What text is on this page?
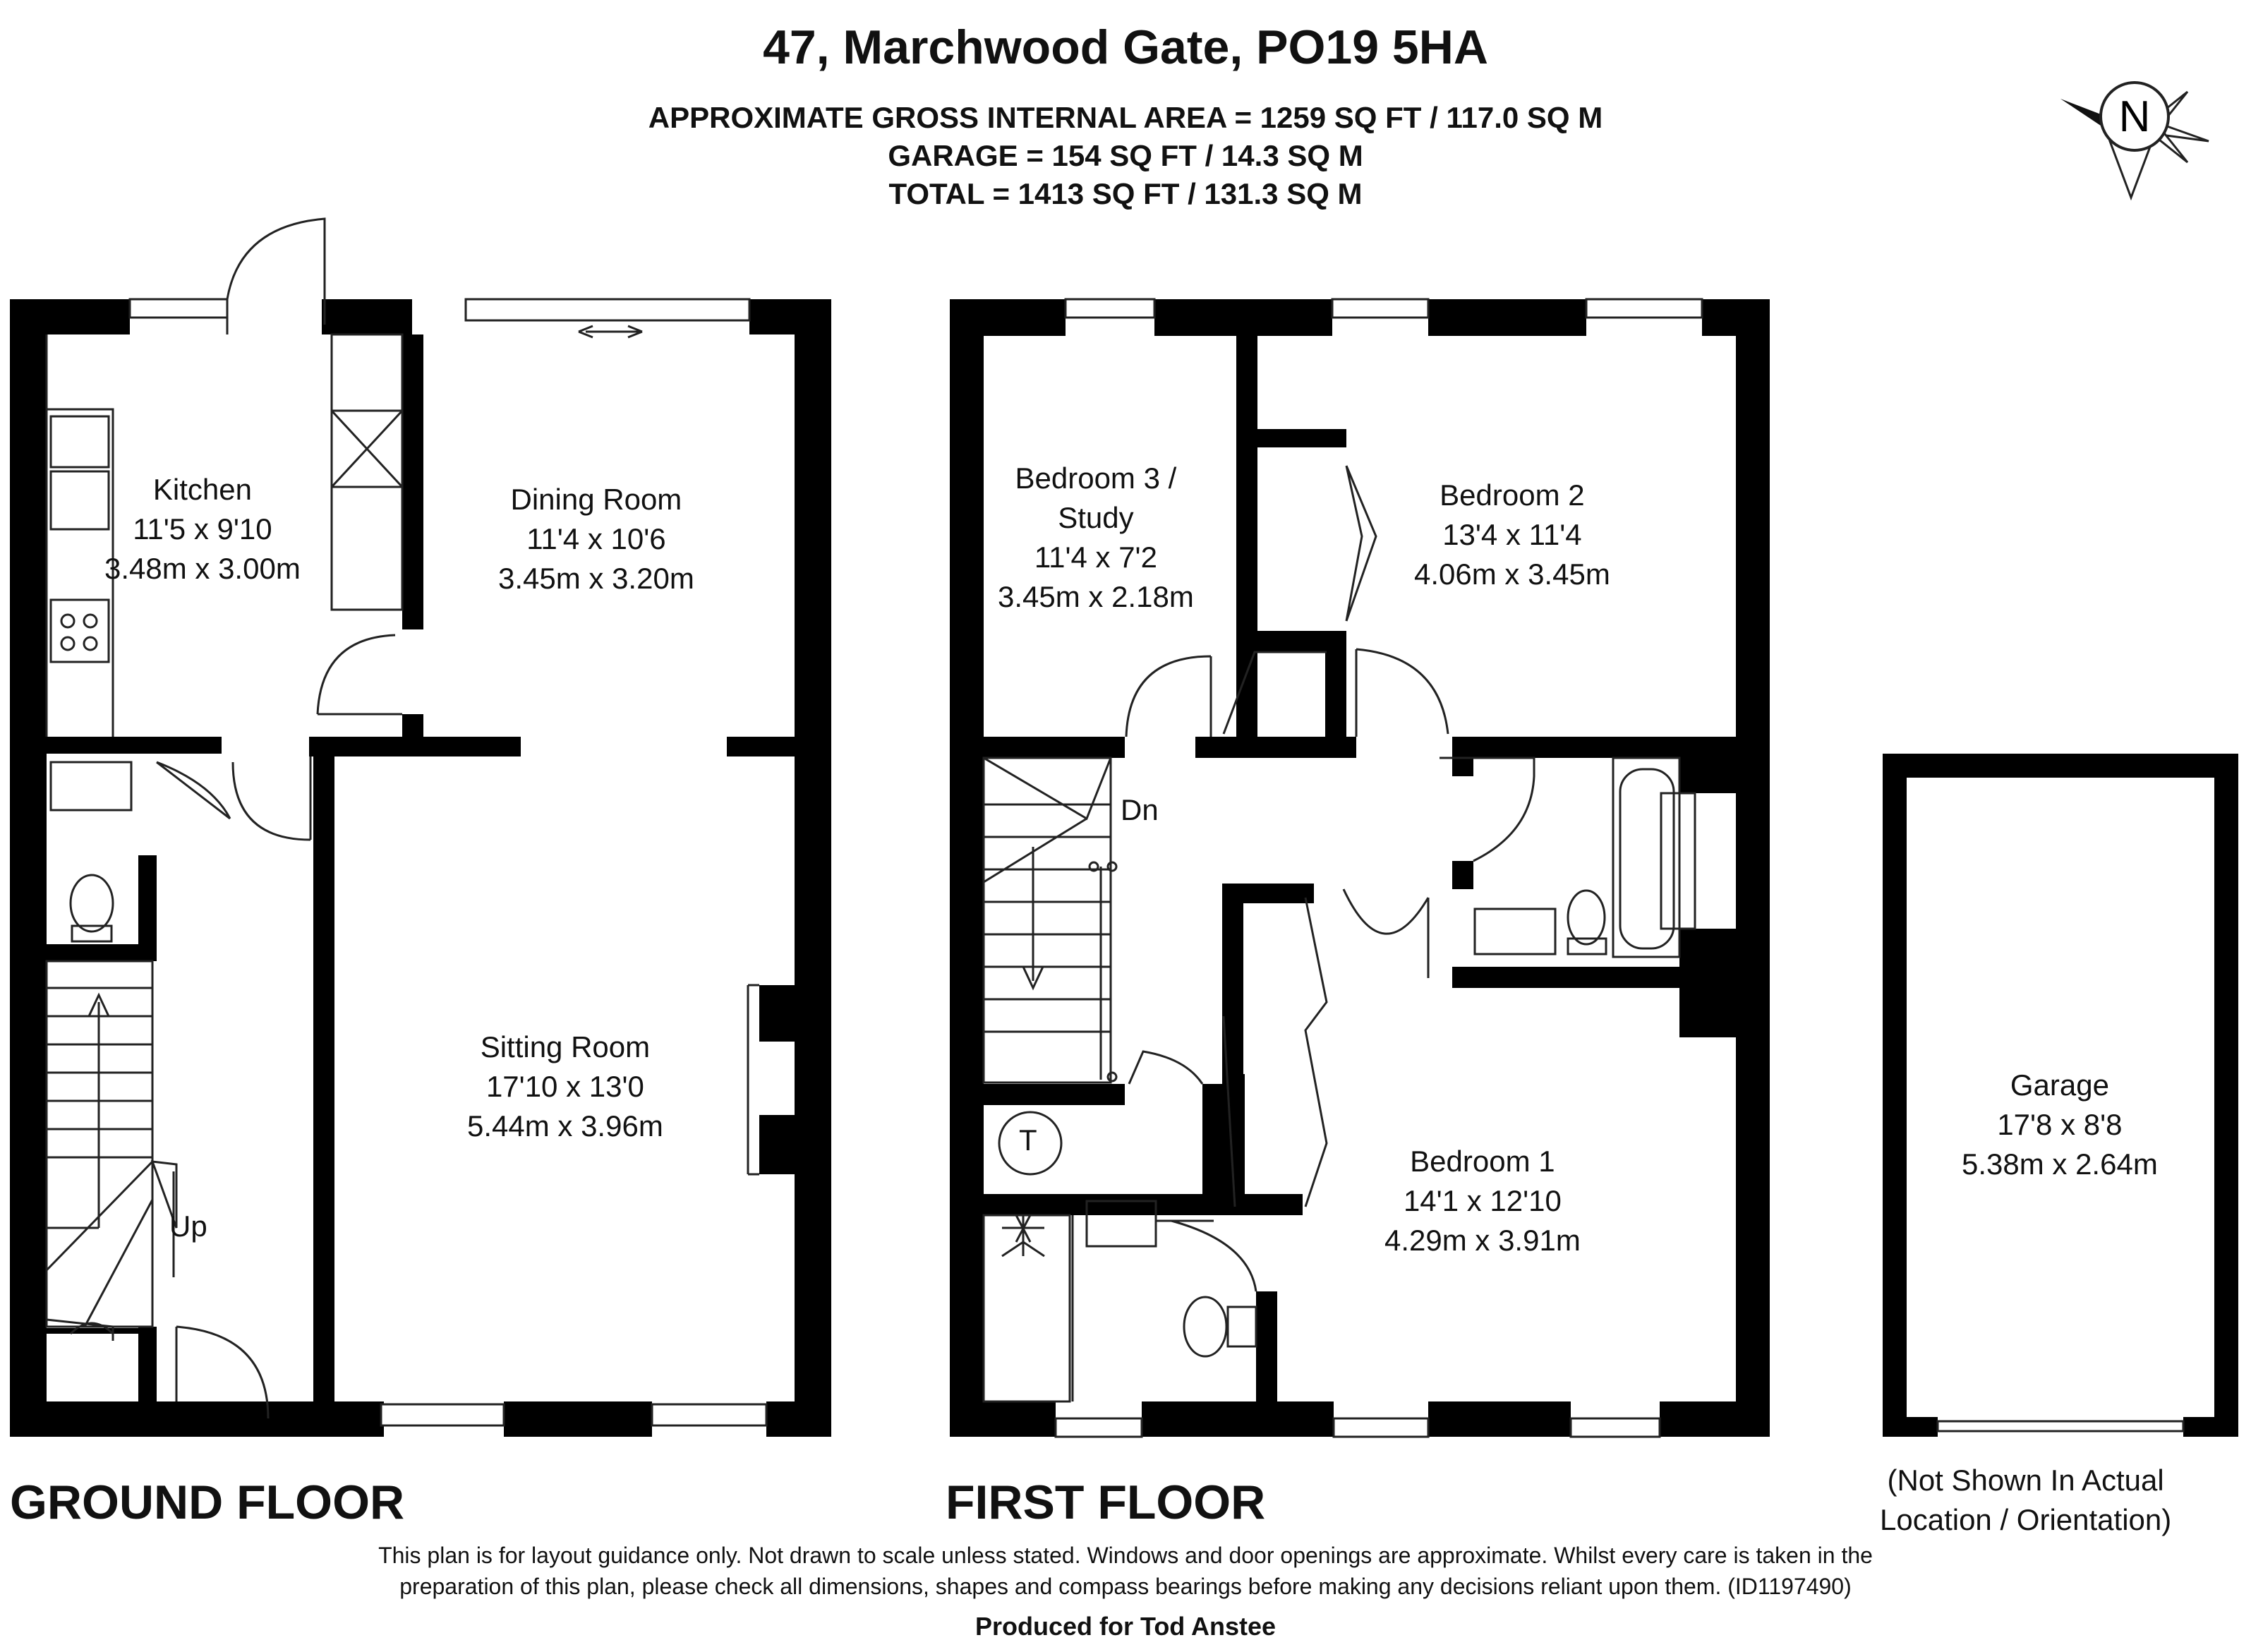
47, Marchwood Gate, PO19 5HA
APPROXIMATE GROSS INTERNAL AREA = 1259 SQ FT / 117.0 SQ M
GARAGE = 154 SQ FT / 14.3 SQ M
TOTAL = 1413 SQ FT / 131.3 SQ M
N
Kitchen
11'5 x 9'10
3.48m x 3.00m
Dining Room
11'4 x 10'6
3.45m x 3.20m
Sitting Room
17'10 x 13'0
5.44m x 3.96m
Up
GROUND FLOOR
Bedroom 3 /
Study
11'4 x 7'2
3.45m x 2.18m
Bedroom 2
13'4 x 11'4
4.06m x 3.45m
Bedroom 1
14'1 x 12'10
4.29m x 3.91m
Dn
T
FIRST FLOOR
Garage
17'8 x 8'8
5.38m x 2.64m
(Not Shown In Actual
Location / Orientation)
This plan is for layout guidance only. Not drawn to scale unless stated. Windows and door openings are approximate. Whilst every care is taken in the
preparation of this plan, please check all dimensions, shapes and compass bearings before making any decisions reliant upon them. (ID1197490)
Produced for Tod Anstee
